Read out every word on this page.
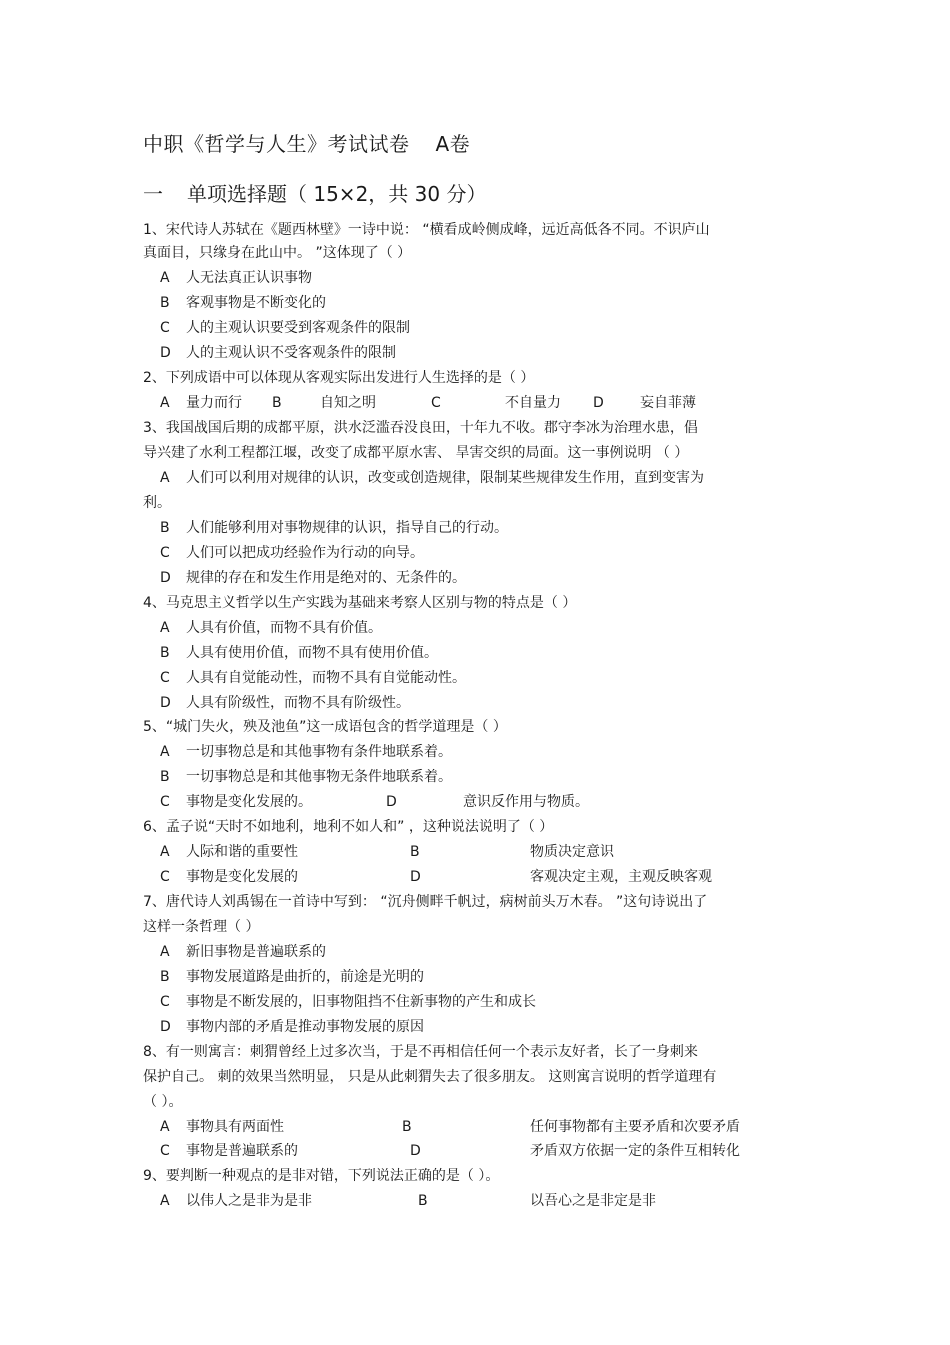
中职《哲学与人生》考试试卷 A卷
一 单项选择题（ 15×2，共 30 分）
1、宋代诗人苏轼在《题西林壁》一诗中说： “横看成岭侧成峰，远近高低各不同。不识庐山
真面目，只缘身在此山中。 ”这体现了（ ）
A 人无法真正认识事物
B 客观事物是不断变化的
C 人的主观认识要受到客观条件的限制
D 人的主观认识不受客观条件的限制
2、下列成语中可以体现从客观实际出发进行人生选择的是（ ）
A 量力而行 B	自知之明	C	不自量力 D	妄自菲薄
3、我国战国后期的成都平原，洪水泛滥吞没良田，十年九不收。郡守李冰为治理水患，倡
导兴建了水利工程都江堰，改变了成都平原水害、 旱害交织的局面。这一事例说明 （ ）
A 人们可以利用对规律的认识，改变或创造规律，限制某些规律发生作用，直到变害为
利。
B 人们能够利用对事物规律的认识，指导自己的行动。
C 人们可以把成功经验作为行动的向导。
D 规律的存在和发生作用是绝对的、无条件的。
4、马克思主义哲学以生产实践为基础来考察人区别与物的特点是（ ）
A 人具有价值，而物不具有价值。
B 人具有使用价值，而物不具有使用价值。
C 人具有自觉能动性，而物不具有自觉能动性。
D 人具有阶级性，而物不具有阶级性。
5、“城门失火，殃及池鱼”这一成语包含的哲学道理是（ ）
A 一切事物总是和其他事物有条件地联系着。
B 一切事物总是和其他事物无条件地联系着。
C 事物是变化发展的。	D	意识反作用与物质。
6、孟子说“天时不如地利，地利不如人和” ，这种说法说明了（ ）
A 人际和谐的重要性	B	物质决定意识
C 事物是变化发展的	D	客观决定主观，主观反映客观
7、唐代诗人刘禹锡在一首诗中写到： “沉舟侧畔千帆过，病树前头万木春。 ”这句诗说出了
这样一条哲理（ ）
A 新旧事物是普遍联系的
B 事物发展道路是曲折的，前途是光明的
C 事物是不断发展的，旧事物阻挡不住新事物的产生和成长
D 事物内部的矛盾是推动事物发展的原因
8、有一则寓言：刺猬曾经上过多次当，于是不再相信任何一个表示友好者，长了一身刺来
保护自己。 刺的效果当然明显， 只是从此刺猬失去了很多朋友。 这则寓言说明的哲学道理有
（ ）。
A 事物具有两面性	B	任何事物都有主要矛盾和次要矛盾
C 事物是普遍联系的	D	矛盾双方依据一定的条件互相转化
9、要判断一种观点的是非对错，下列说法正确的是（ ）。
A 以伟人之是非为是非	B	以吾心之是非定是非
